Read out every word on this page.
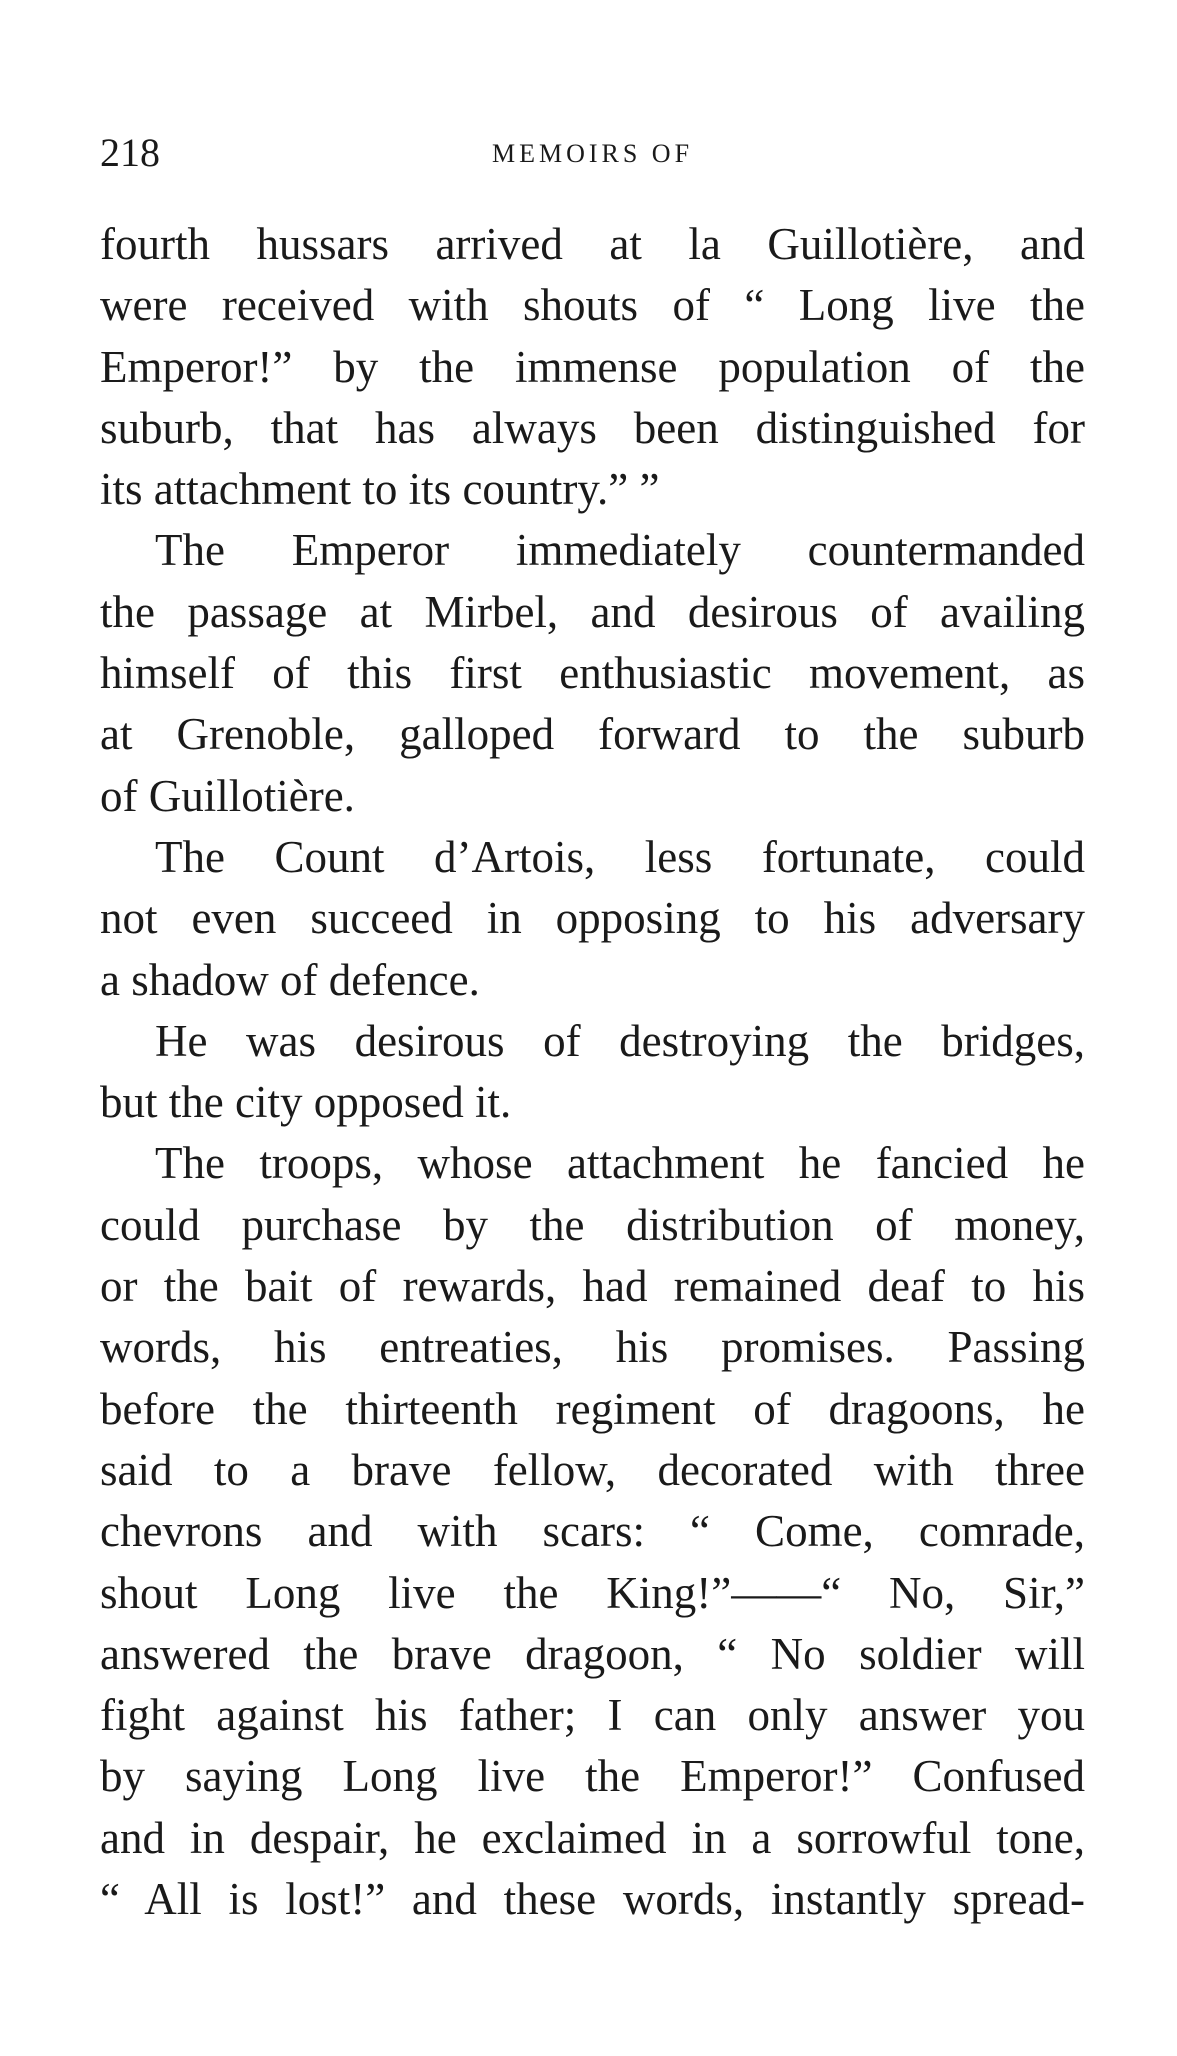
218	MEMOIRS OF
fourth hussars arrived at la Guillotière, and
were received with shouts of “ Long live the
Emperor!” by the immense population of the
suburb, that has always been distinguished for
its attachment to its country.” ”
The Emperor immediately countermanded
the passage at Mirbel, and desirous of availing
himself of this first enthusiastic movement, as
at Grenoble, galloped forward to the suburb
of Guillotière.
The Count d’Artois, less fortunate, could
not even succeed in opposing to his adversary
a shadow of defence.
He was desirous of destroying the bridges,
but the city opposed it.
The troops, whose attachment he fancied he
could purchase by the distribution of money,
or the bait of rewards, had remained deaf to his
words, his entreaties, his promises. Passing
before the thirteenth regiment of dragoons, he
said to a brave fellow, decorated with three
chevrons and with scars: “ Come, comrade,
shout Long live the King!”——“ No, Sir,”
answered the brave dragoon, “ No soldier will
fight against his father; I can only answer you
by saying Long live the Emperor!” Confused
and in despair, he exclaimed in a sorrowful tone,
“ All is lost!” and these words, instantly spread-
